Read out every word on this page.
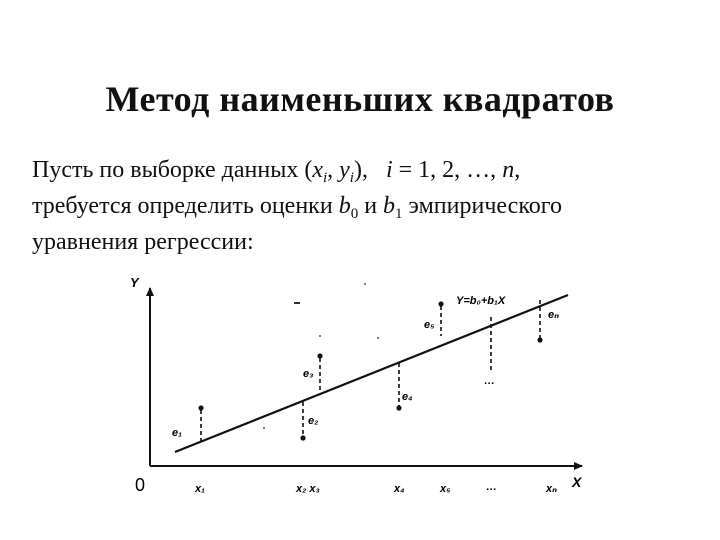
Метод наименьших квадратов
Пусть по выборке данных ($x_i$, $y_i$), i = 1, 2, …, n,
требуется определить оценки $b_0$ и $b_1$ эмпирического
уравнения регрессии:
Y
X
0
Y=b₀+b₁X
x₁	x₂ x₃	x₄	x₅	…	xₙ
e₁
e₂
e₃
e₄
e₅
…
eₙ
